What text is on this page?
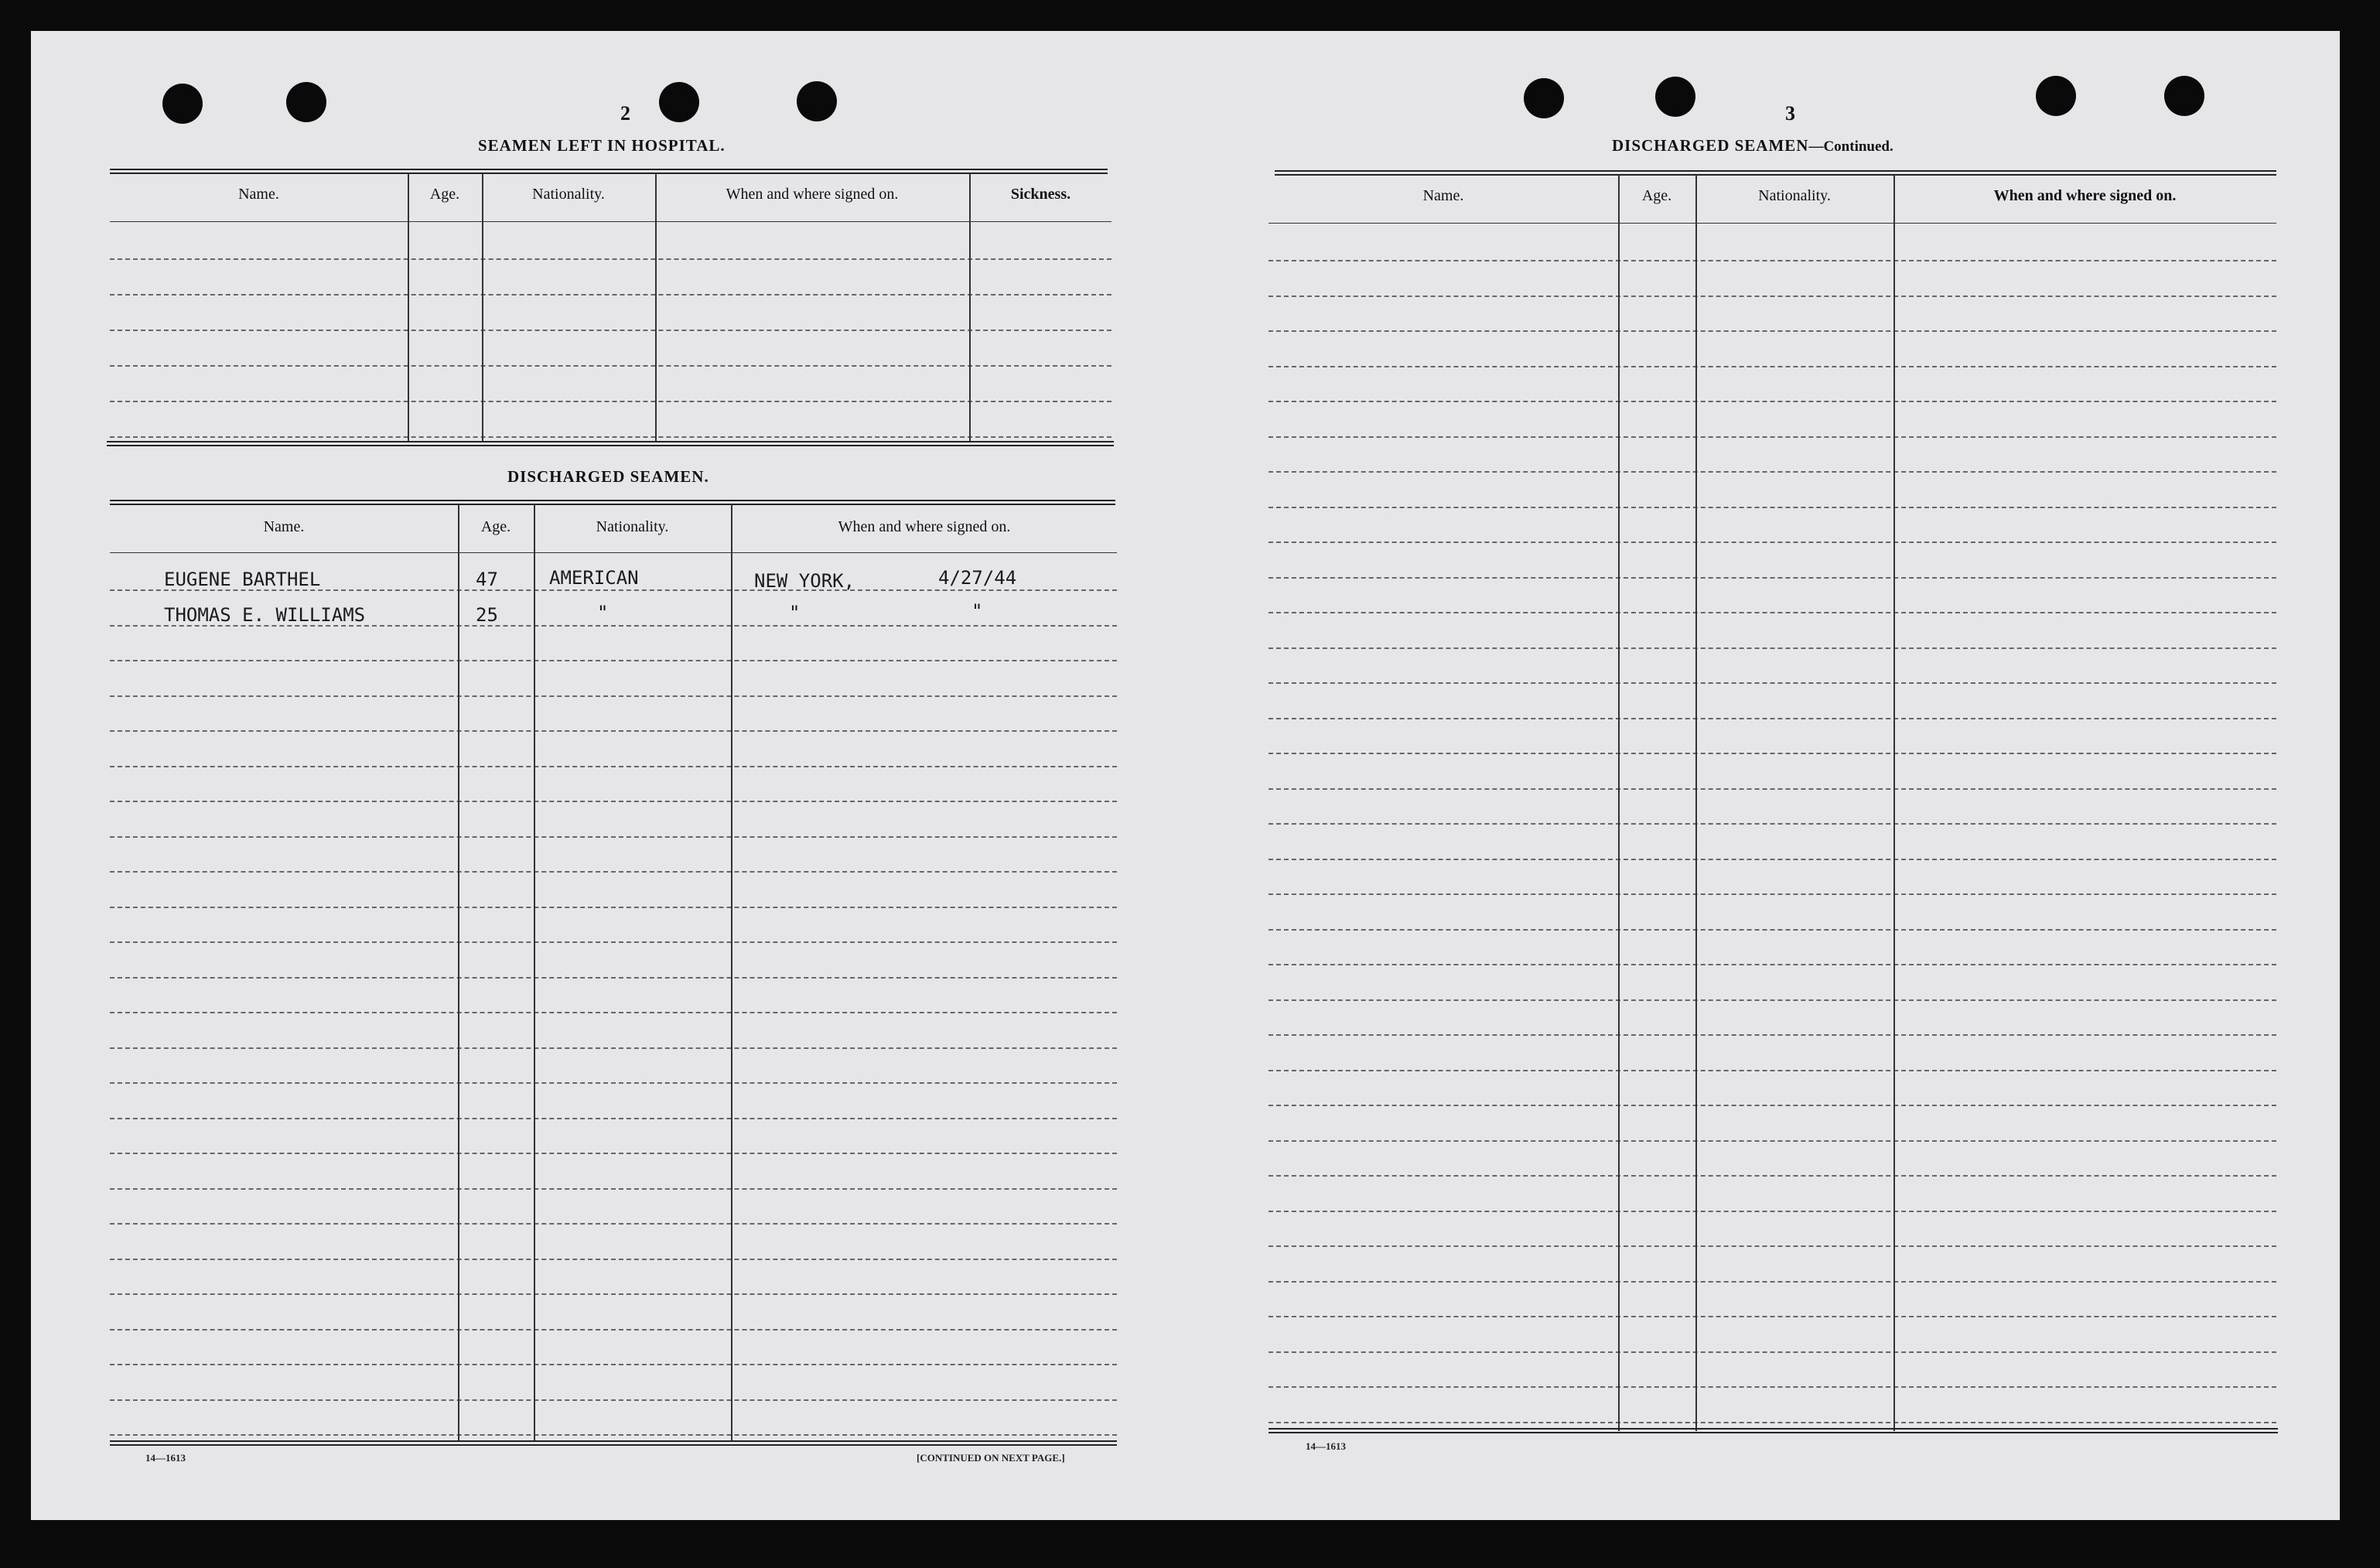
2
SEAMEN LEFT IN HOSPITAL.
Name.	Age.	Nationality.	When and where signed on.	Sickness.
DISCHARGED SEAMEN.
Name.	Age.	Nationality.	When and where signed on.
EUGENE BARTHEL	47	AMERICAN	NEW YORK,	4/27/44
THOMAS E. WILLIAMS	25	"	"	"
14—1613	[CONTINUED ON NEXT PAGE.]
3
DISCHARGED SEAMEN—Continued.
Name.	Age.	Nationality.	When and where signed on.
14—1613
